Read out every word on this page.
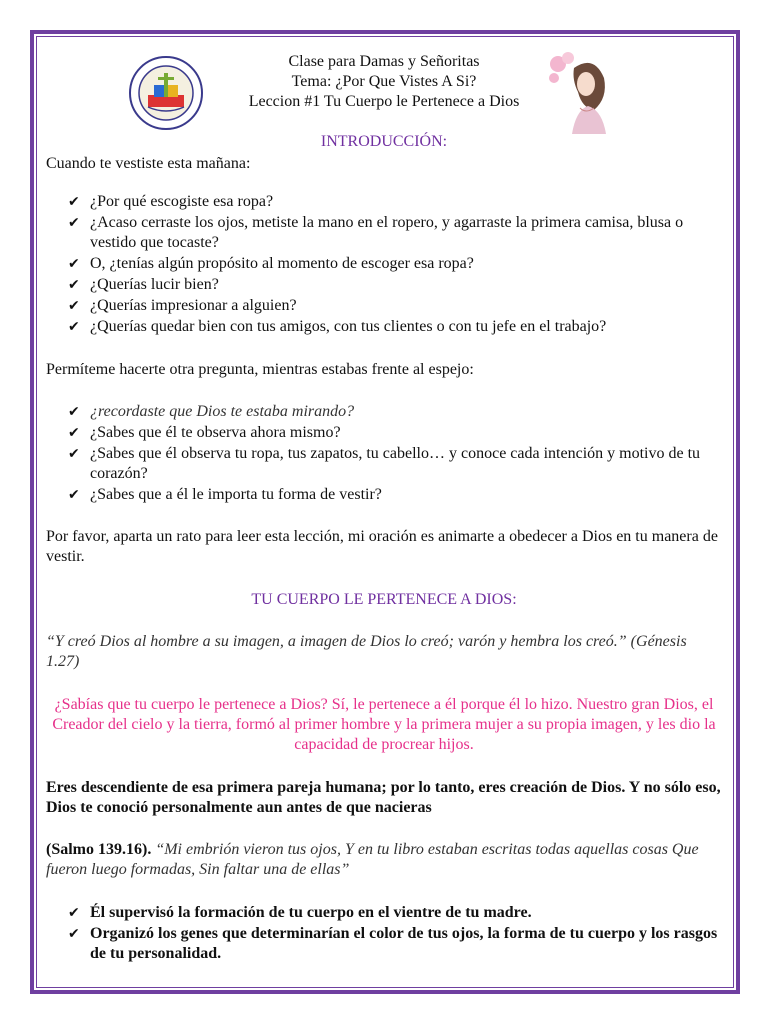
Clase para Damas y Señoritas
Tema: ¿Por Que Vistes A Si?
Leccion #1 Tu Cuerpo le Pertenece a Dios
INTRODUCCIÓN:
Cuando te vestiste esta mañana:
✔ ¿Por qué escogiste esa ropa?
✔ ¿Acaso cerraste los ojos, metiste la mano en el ropero, y agarraste la primera camisa, blusa o vestido que tocaste?
✔ O, ¿tenías algún propósito al momento de escoger esa ropa?
✔ ¿Querías lucir bien?
✔ ¿Querías impresionar a alguien?
✔ ¿Querías quedar bien con tus amigos, con tus clientes o con tu jefe en el trabajo?
Permíteme hacerte otra pregunta, mientras estabas frente al espejo:
✔ ¿recordaste que Dios te estaba mirando?
✔ ¿Sabes que él te observa ahora mismo?
✔ ¿Sabes que él observa tu ropa, tus zapatos, tu cabello… y conoce cada intención y motivo de tu corazón?
✔ ¿Sabes que a él le importa tu forma de vestir?
Por favor, aparta un rato para leer esta lección, mi oración es animarte a obedecer a Dios en tu manera de vestir.
TU CUERPO LE PERTENECE A DIOS:
“Y creó Dios al hombre a su imagen, a imagen de Dios lo creó; varón y hembra los creó.” (Génesis 1.27)
¿Sabías que tu cuerpo le pertenece a Dios? Sí, le pertenece a él porque él lo hizo. Nuestro gran Dios, el Creador del cielo y la tierra, formó al primer hombre y la primera mujer a su propia imagen, y les dio la capacidad de procrear hijos.
Eres descendiente de esa primera pareja humana; por lo tanto, eres creación de Dios. Y no sólo eso, Dios te conoció personalmente aun antes de que nacieras
(Salmo 139.16). “Mi embrión vieron tus ojos, Y en tu libro estaban escritas todas aquellas cosas Que fueron luego formadas, Sin faltar una de ellas”
✔ Él supervisó la formación de tu cuerpo en el vientre de tu madre.
✔ Organizó los genes que determinarían el color de tus ojos, la forma de tu cuerpo y los rasgos de tu personalidad.
